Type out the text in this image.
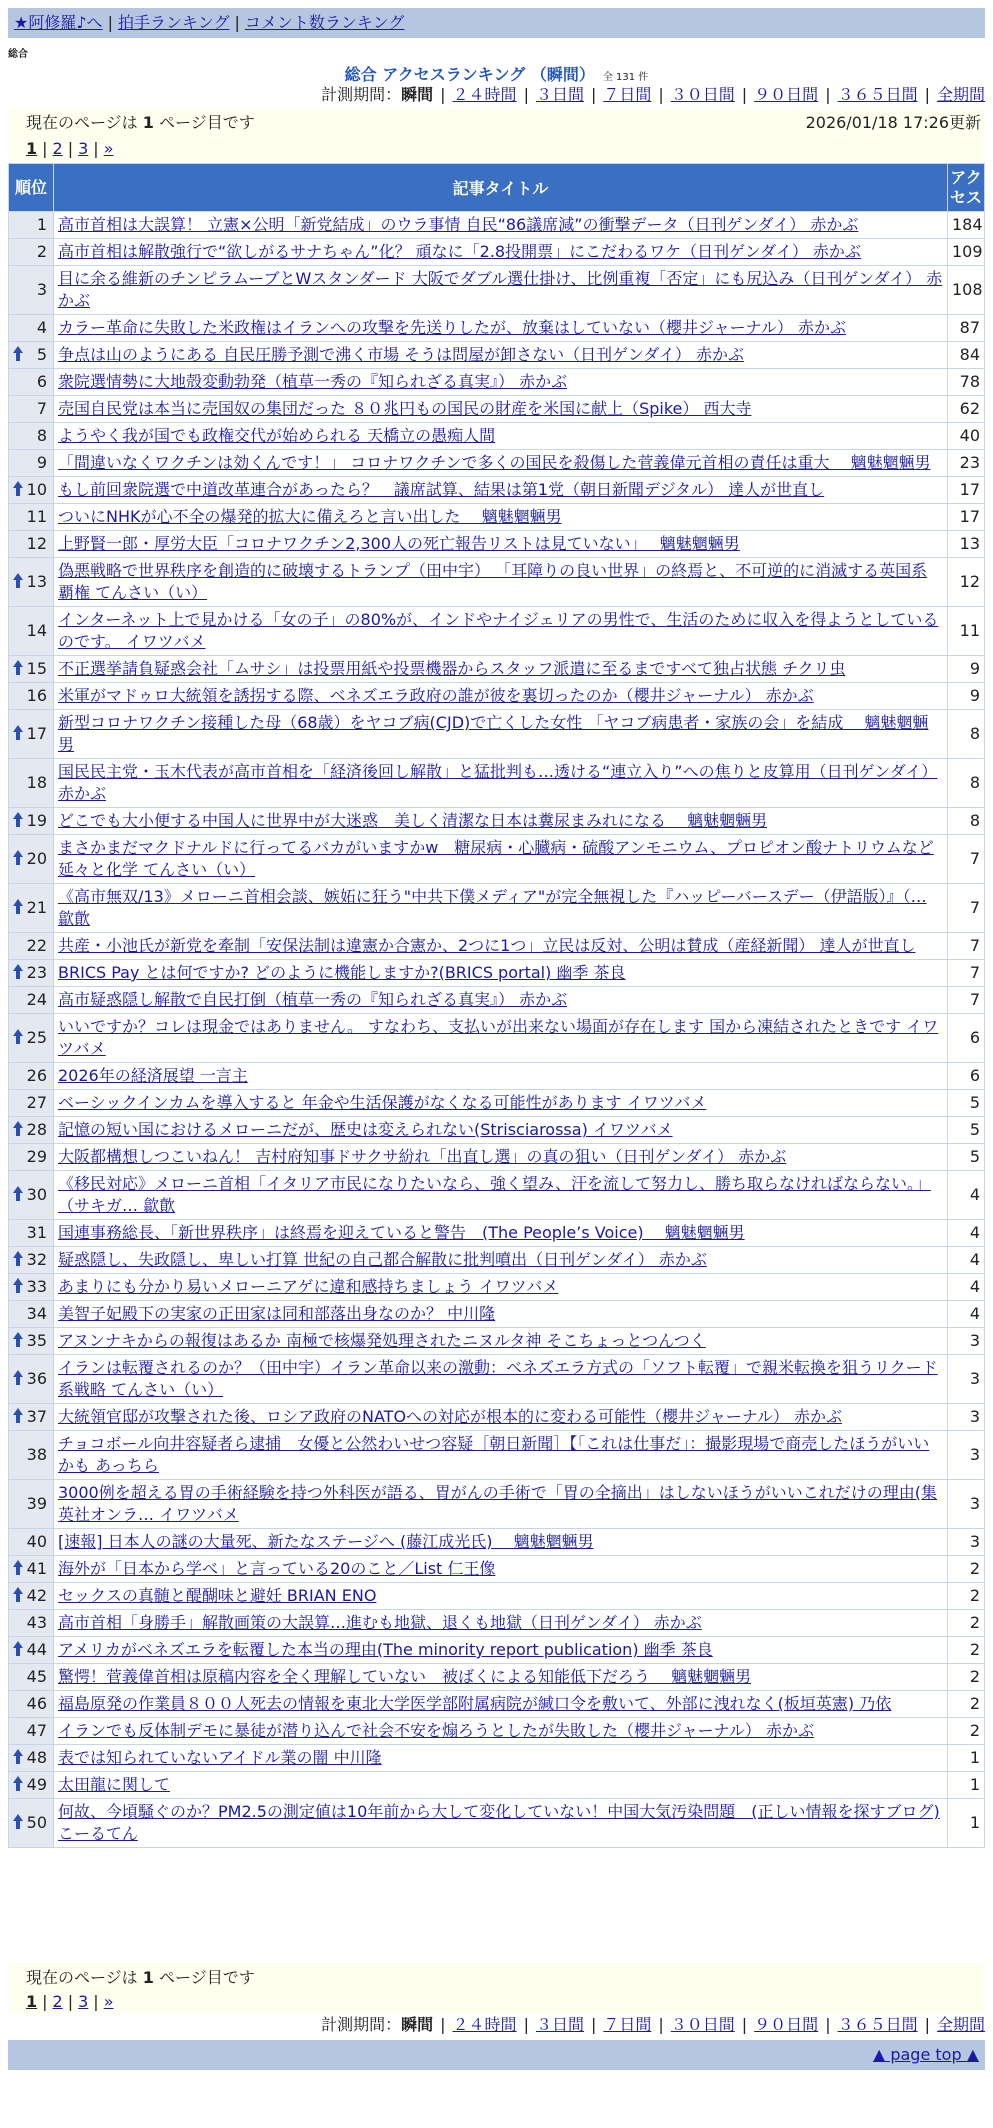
★阿修羅♪へ | 拍手ランキング | コメント数ランキング
総合
総合 アクセスランキング （瞬間） 全 131 件
計測期間：瞬間 | ２４時間 | ３日間 | ７日間 | ３０日間 | ９０日間 | ３６５日間 | 全期間
現在のページは 1 ページ目です	2026/01/18 17:26更新
1 | 2 | 3 | »
順位	記事タイトル	アクセス
1	高市首相は大誤算！ 立憲×公明「新党結成」のウラ事情 自民“86議席減”の衝撃データ（日刊ゲンダイ） 赤かぶ	184
2	高市首相は解散強行で“欲しがるサナちゃん”化？ 頑なに「2.8投開票」にこだわるワケ（日刊ゲンダイ） 赤かぶ	109
3	目に余る維新のチンピラムーブとWスタンダード 大阪でダブル選仕掛け、比例重複「否定」にも尻込み（日刊ゲンダイ） 赤かぶ	108
4	カラー革命に失敗した米政権はイランへの攻撃を先送りしたが、放棄はしていない（櫻井ジャーナル） 赤かぶ	87

5	争点は山のようにある 自民圧勝予測で沸く市場 そうは問屋が卸さない（日刊ゲンダイ） 赤かぶ	84
6	衆院選情勢に大地殻変動勃発（植草一秀の『知られざる真実』） 赤かぶ	78
7	売国自民党は本当に売国奴の集団だった ８０兆円もの国民の財産を米国に献上（Spike） 西大寺	62
8	ようやく我が国でも政権交代が始められる 天橋立の愚痴人間	40
9	「間違いなくワクチンは効くんです！」 コロナワクチンで多くの国民を殺傷した菅義偉元首相の責任は重大　 魑魅魍魎男	23

10	もし前回衆院選で中道改革連合があったら？　議席試算、結果は第1党（朝日新聞デジタル） 達人が世直し	17
11	ついにNHKが心不全の爆発的拡大に備えろと言い出した　 魑魅魍魎男	17
12	上野賢一郎・厚労大臣「コロナワクチン2,300人の死亡報告リストは見ていない」　 魑魅魍魎男	13

13	偽悪戦略で世界秩序を創造的に破壊するトランプ（田中宇） 「耳障りの良い世界」の終焉と、不可逆的に消滅する英国系覇権 てんさい（い）	12
14	インターネット上で見かける「女の子」の80%が、インドやナイジェリアの男性で、生活のために収入を得ようとしているのです。 イワツバメ	11

15	不正選挙請負疑惑会社「ムサシ」は投票用紙や投票機器からスタッフ派遣に至るまですべて独占状態 チクリ虫	9
16	米軍がマドゥロ大統領を誘拐する際、ベネズエラ政府の誰が彼を裏切ったのか（櫻井ジャーナル） 赤かぶ	9

17	新型コロナワクチン接種した母（68歳）をヤコブ病(CJD)で亡くした女性 「ヤコブ病患者・家族の会」を結成　 魑魅魍魎男	8
18	国民民主党・玉木代表が高市首相を「経済後回し解散」と猛批判も…透ける“連立入り”への焦りと皮算用（日刊ゲンダイ） 赤かぶ	8

19	どこでも大小便する中国人に世界中が大迷惑　美しく清潔な日本は糞尿まみれになる　 魑魅魍魎男	8

20	まさかまだマクドナルドに行ってるバカがいますかw　糖尿病・心臓病・硫酸アンモニウム、プロピオン酸ナトリウムなど延々と化学 てんさい（い）	7

21	《高市無双/13》メローニ首相会談、嫉妬に狂う"中共下僕メディア"が完全無視した『ハッピーバースデー（伊語版）』（… 歙歕	7
22	共産・小池氏が新党を牽制「安保法制は違憲か合憲か、2つに1つ」立民は反対、公明は賛成（産経新聞） 達人が世直し	7

23	BRICS Pay とは何ですか? どのように機能しますか?(BRICS portal) 幽季 茶良	7
24	高市疑惑隠し解散で自民打倒（植草一秀の『知られざる真実』） 赤かぶ	7

25	いいですか？コレは現金ではありません。 すなわち、支払いが出来ない場面が存在します 国から凍結されたときです イワツバメ	6
26	2026年の経済展望 一言主	6
27	ベーシックインカムを導入すると 年金や生活保護がなくなる可能性があります イワツバメ	5

28	記憶の短い国におけるメローニだが、歴史は変えられない(Strisciarossa) イワツバメ	5
29	大阪都構想しつこいねん！ 吉村府知事ドサクサ紛れ「出直し選」の真の狙い（日刊ゲンダイ） 赤かぶ	5

30	《移民対応》メローニ首相「イタリア市民になりたいなら、強く望み、汗を流して努力し、勝ち取らなければならない。」（サキガ… 歙歕	4
31	国連事務総長、「新世界秩序」は終焉を迎えていると警告　(The People’s Voice)　 魑魅魍魎男	4

32	疑惑隠し、失政隠し、卑しい打算 世紀の自己都合解散に批判噴出（日刊ゲンダイ） 赤かぶ	4

33	あまりにも分かり易いメローニアゲに違和感持ちましょう イワツバメ	4
34	美智子妃殿下の実家の正田家は同和部落出身なのか？ 中川隆	4

35	アヌンナキからの報復はあるか 南極で核爆発処理されたニヌルタ神 そこちょっとつんつく	3

36	イランは転覆されるのか？（田中宇）イラン革命以来の激動：ベネズエラ方式の「ソフト転覆」で親米転換を狙うリクード系戦略 てんさい（い）	3

37	大統領官邸が攻撃された後、ロシア政府のNATOへの対応が根本的に変わる可能性（櫻井ジャーナル） 赤かぶ	3
38	チョコボール向井容疑者ら逮捕　女優と公然わいせつ容疑［朝日新聞］【「これは仕事だ」：撮影現場で商売したほうがいいかも あっちら	3
39	3000例を超える胃の手術経験を持つ外科医が語る、胃がんの手術で「胃の全摘出」はしないほうがいいこれだけの理由(集英社オンラ… イワツバメ	3
40	[速報] 日本人の謎の大量死、新たなステージへ (藤江成光氏)　 魑魅魍魎男	3

41	海外が「日本から学べ」と言っている20のこと／List 仁王像	2

42	セックスの真髄と醍醐味と避妊 BRIAN ENO	2
43	高市首相「身勝手」解散画策の大誤算…進むも地獄、退くも地獄（日刊ゲンダイ） 赤かぶ	2

44	アメリカがベネズエラを転覆した本当の理由(The minority report publication) 幽季 茶良	2
45	驚愕！菅義偉首相は原稿内容を全く理解していない　被ばくによる知能低下だろう　 魑魅魍魎男	2
46	福島原発の作業員８００人死去の情報を東北大学医学部附属病院が緘口令を敷いて、外部に洩れなく(板垣英憲) 乃依	2
47	イランでも反体制デモに暴徒が潜り込んで社会不安を煽ろうとしたが失敗した（櫻井ジャーナル） 赤かぶ	2

48	表では知られていないアイドル業の闇 中川隆	1

49	太田龍に関して	1

50	何故、今頃騒ぐのか？PM2.5の測定値は10年前から大して変化していない！中国大気汚染問題　(正しい情報を探すブログ) こーるてん	1
現在のページは 1 ページ目です
1 | 2 | 3 | »
計測期間：瞬間 | ２４時間 | ３日間 | ７日間 | ３０日間 | ９０日間 | ３６５日間 | 全期間
▲ page top ▲
